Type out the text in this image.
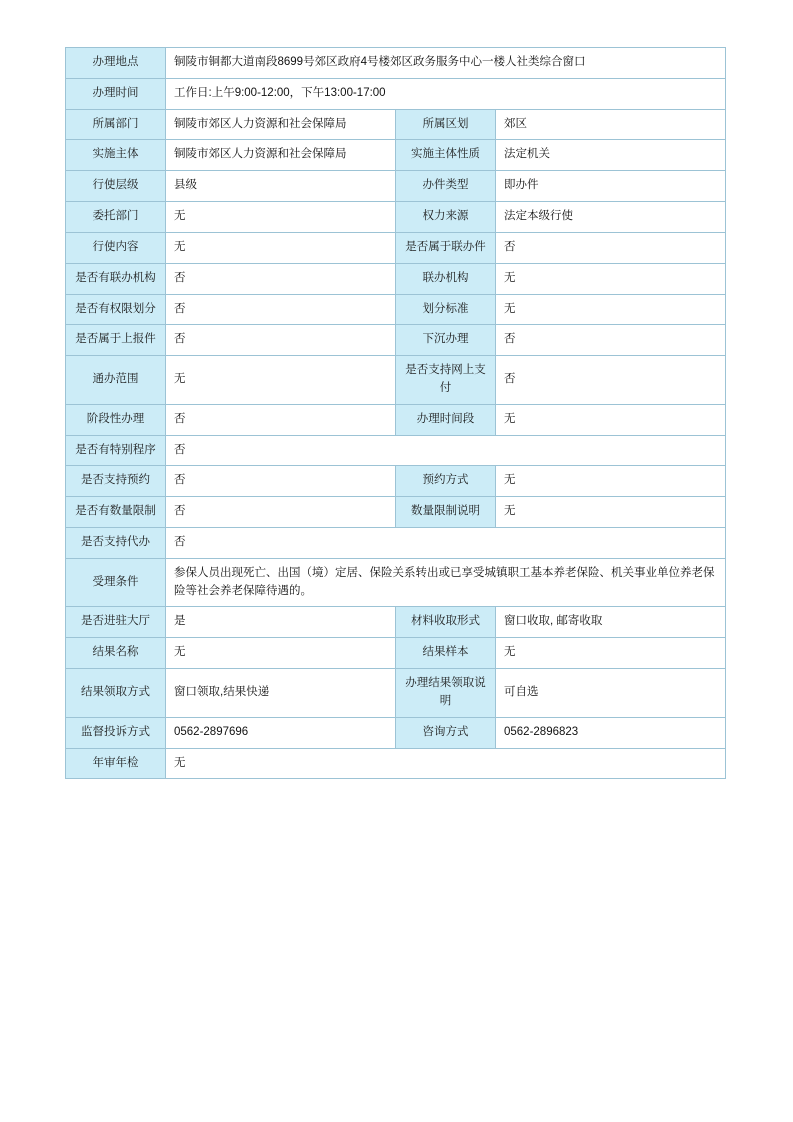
办理地点	铜陵市铜都大道南段8699号郊区政府4号楼郊区政务服务中心一楼人社类综合窗口		
办理时间	工作日:上午9:00-12:00，下午13:00-17:00		
所属部门	铜陵市郊区人力资源和社会保障局	所属区划	郊区
实施主体	铜陵市郊区人力资源和社会保障局	实施主体性质	法定机关
行使层级	县级	办件类型	即办件
委托部门	无	权力来源	法定本级行使
行使内容	无	是否属于联办件	否
是否有联办机构	否	联办机构	无
是否有权限划分	否	划分标准	无
是否属于上报件	否	下沉办理	否
通办范围	无	是否支持网上支付	否
阶段性办理	否	办理时间段	无
是否有特别程序	否		
是否支持预约	否	预约方式	无
是否有数量限制	否	数量限制说明	无
是否支持代办	否		
受理条件	参保人员出现死亡、出国（境）定居、保险关系转出或已享受城镇职工基本养老保险、机关事业单位养老保险等社会养老保障待遇的。		
是否进驻大厅	是	材料收取形式	窗口收取, 邮寄收取
结果名称	无	结果样本	无
结果领取方式	窗口领取,结果快递	办理结果领取说明	可自选
监督投诉方式	0562-2897696	咨询方式	0562-2896823
年审年检	无		
